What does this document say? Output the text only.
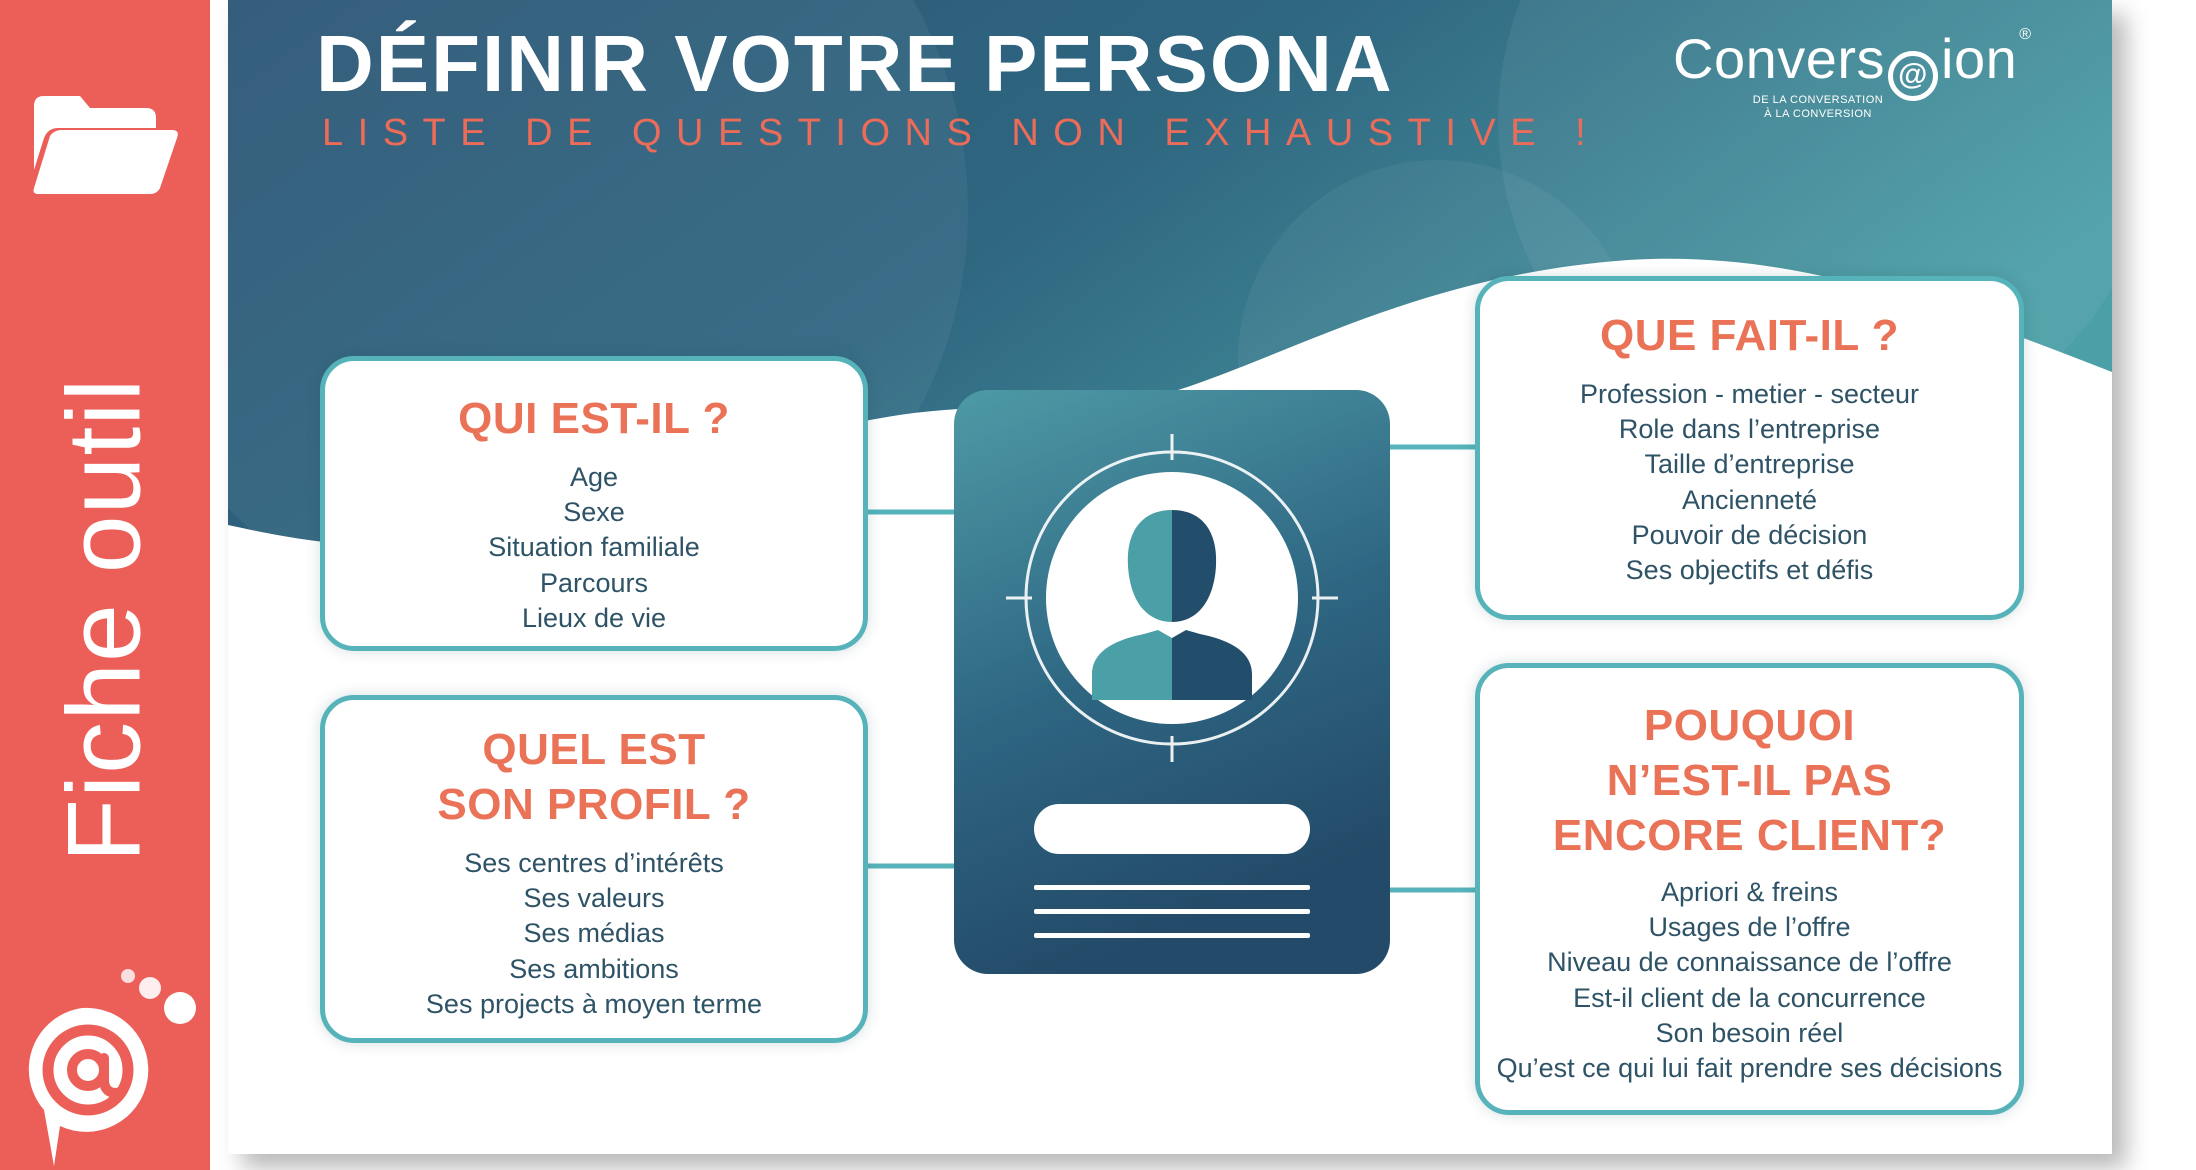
Fiche outil
DÉFINIR VOTRE PERSONA
LISTE DE QUESTIONS NON EXHAUSTIVE !
Convers @ ion ®
DE LA CONVERSATION
À LA CONVERSION
QUI EST-IL ?
Age
Sexe
Situation familiale
Parcours
Lieux de vie
QUEL EST
SON PROFIL ?
Ses centres d’intérêts
Ses valeurs
Ses médias
Ses ambitions
Ses projects à moyen terme
QUE FAIT-IL ?
Profession - metier - secteur
Role dans l’entreprise
Taille d’entreprise
Ancienneté
Pouvoir de décision
Ses objectifs et défis
POUQUOI
N’EST-IL PAS
ENCORE CLIENT?
Apriori & freins
Usages de l’offre
Niveau de connaissance de l’offre
Est-il client de la concurrence
Son besoin réel
Qu’est ce qui lui fait prendre ses décisions
